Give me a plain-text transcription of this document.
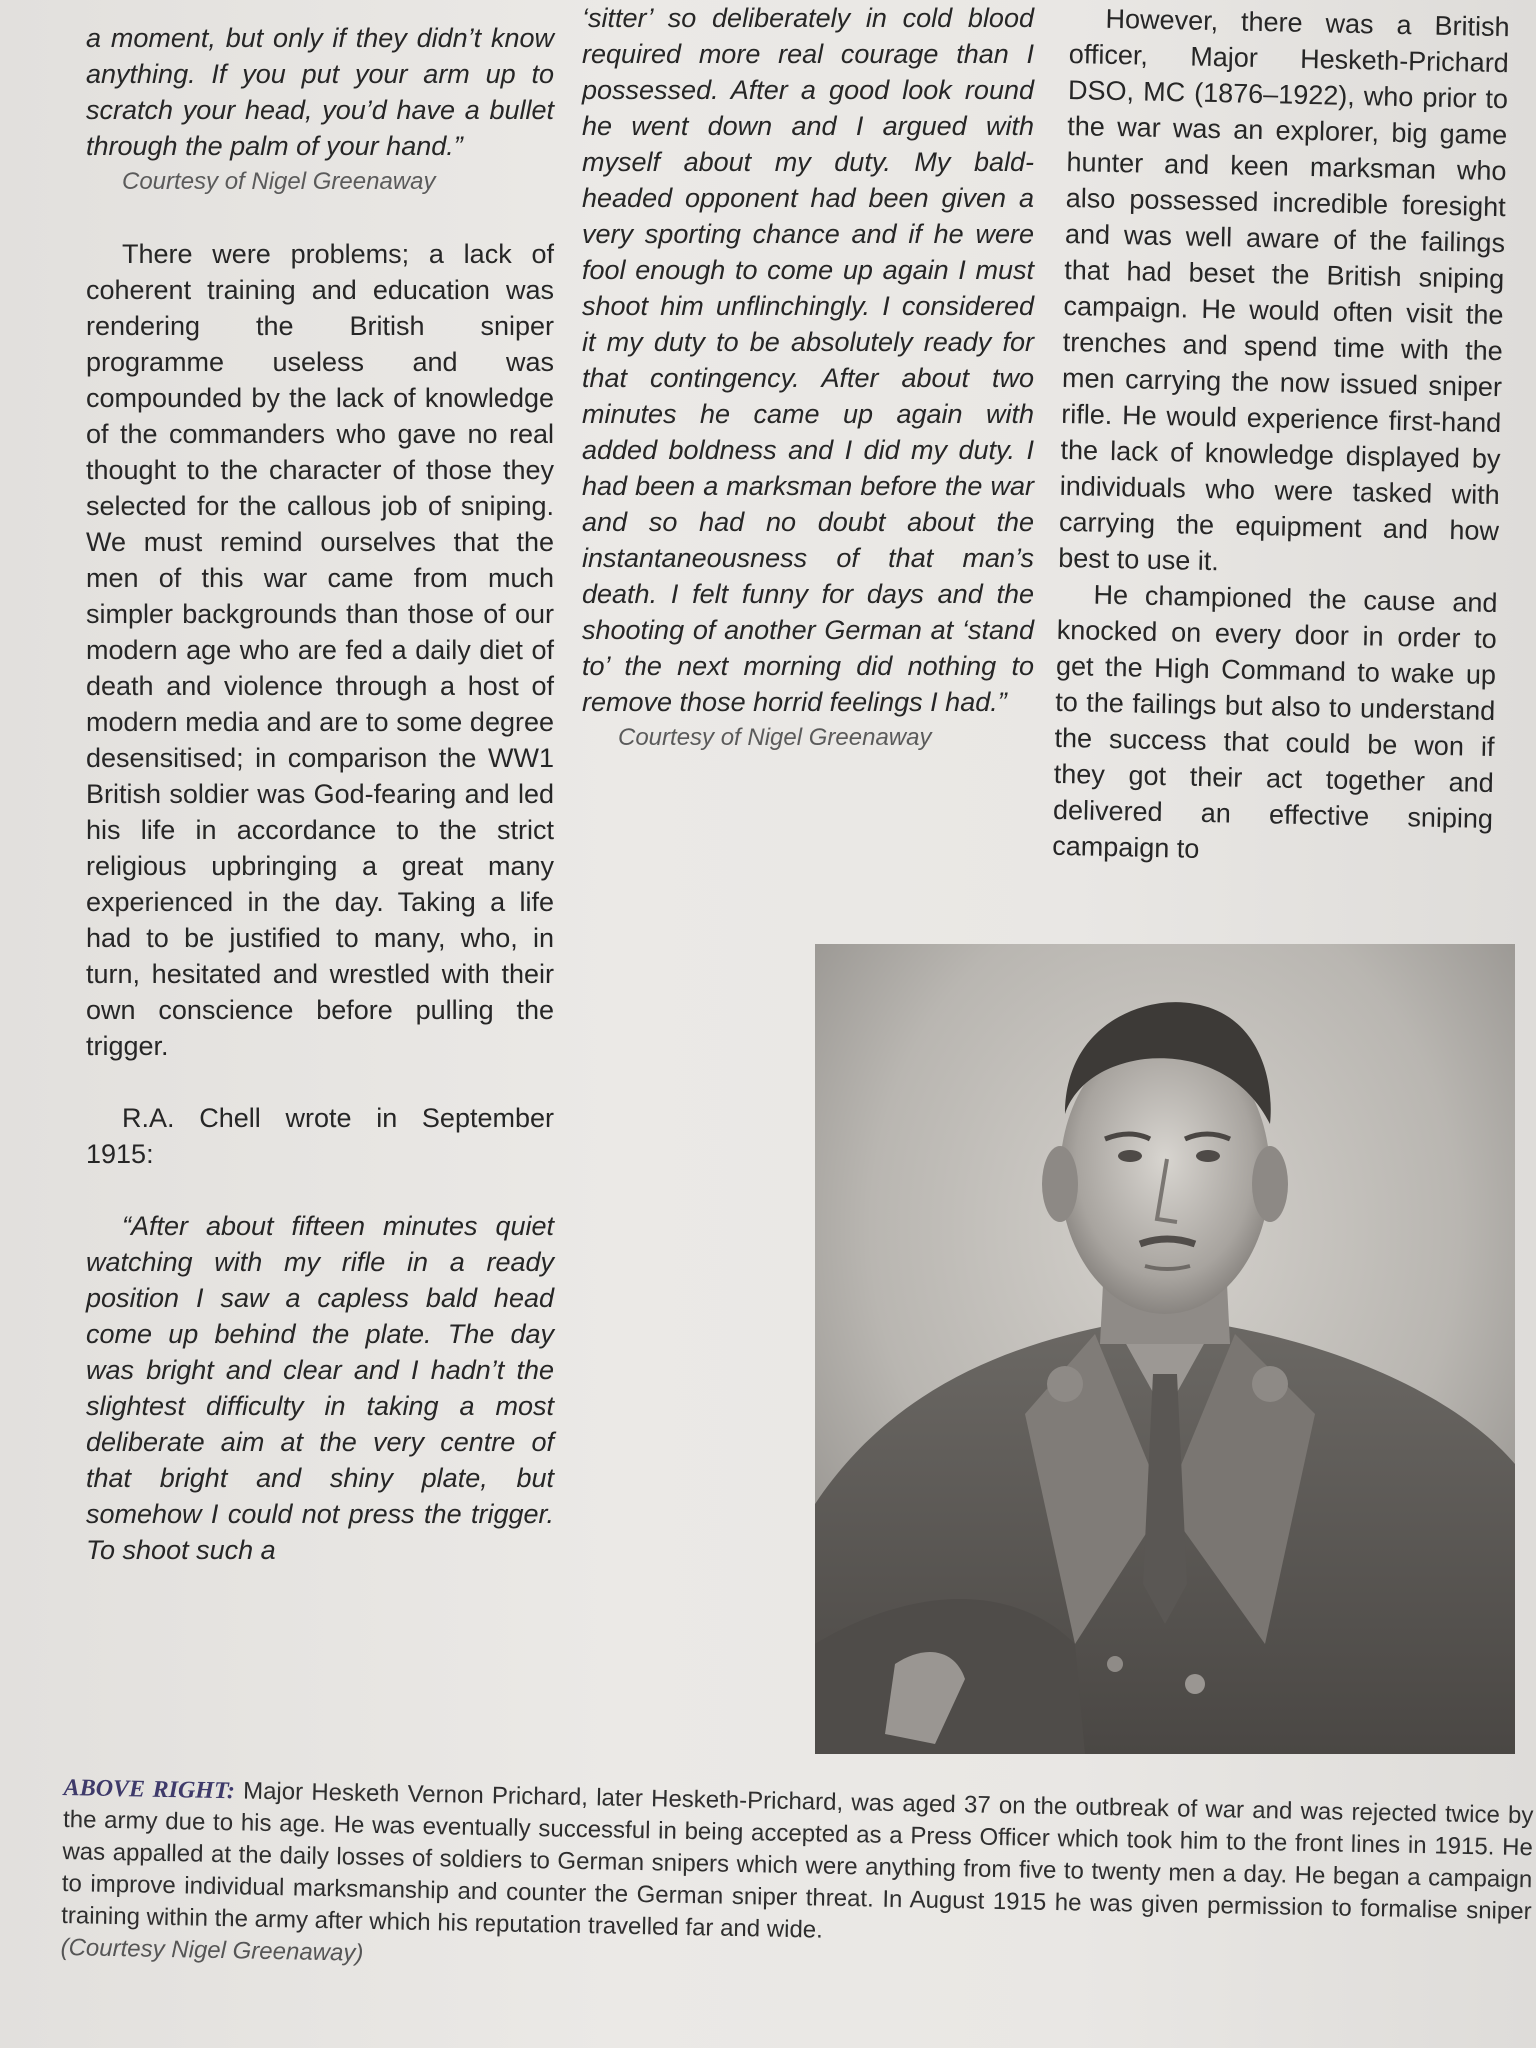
a moment, but only if they didn’t know anything. If you put your arm up to scratch your head, you’d have a bullet through the palm of your hand.”

Courtesy of Nigel Greenaway

There were problems; a lack of coherent training and education was rendering the British sniper programme useless and was compounded by the lack of knowledge of the commanders who gave no real thought to the character of those they selected for the callous job of sniping. We must remind ourselves that the men of this war came from much simpler backgrounds than those of our modern age who are fed a daily diet of death and violence through a host of modern media and are to some degree desensitised; in comparison the WW1 British soldier was God-fearing and led his life in accordance to the strict religious upbringing a great many experienced in the day. Taking a life had to be justified to many, who, in turn, hesitated and wrestled with their own conscience before pulling the trigger.

R.A. Chell wrote in September 1915:

“After about fifteen minutes quiet watching with my rifle in a ready position I saw a capless bald head come up behind the plate. The day was bright and clear and I hadn’t the slightest difficulty in taking a most deliberate aim at the very centre of that bright and shiny plate, but somehow I could not press the trigger. To shoot such a

‘sitter’ so deliberately in cold blood required more real courage than I possessed. After a good look round he went down and I argued with myself about my duty. My bald-headed opponent had been given a very sporting chance and if he were fool enough to come up again I must shoot him unflinchingly. I considered it my duty to be absolutely ready for that contingency. After about two minutes he came up again with added boldness and I did my duty. I had been a marksman before the war and so had no doubt about the instantaneousness of that man’s death. I felt funny for days and the shooting of another German at ‘stand to’ the next morning did nothing to remove those horrid feelings I had.”

Courtesy of Nigel Greenaway

However, there was a British officer, Major Hesketh-Prichard DSO, MC (1876–1922), who prior to the war was an explorer, big game hunter and keen marksman who also possessed incredible foresight and was well aware of the failings that had beset the British sniping campaign. He would often visit the trenches and spend time with the men carrying the now issued sniper rifle. He would experience first-hand the lack of knowledge displayed by individuals who were tasked with carrying the equipment and how best to use it.

He championed the cause and knocked on every door in order to get the High Command to wake up to the failings but also to understand the success that could be won if they got their act together and delivered an effective sniping campaign to

ABOVE RIGHT: Major Hesketh Vernon Prichard, later Hesketh-Prichard, was aged 37 on the outbreak of war and was rejected twice by the army due to his age. He was eventually successful in being accepted as a Press Officer which took him to the front lines in 1915. He was appalled at the daily losses of soldiers to German snipers which were anything from five to twenty men a day. He began a campaign to improve individual marksmanship and counter the German sniper threat. In August 1915 he was given permission to formalise sniper training within the army after which his reputation travelled far and wide.
(Courtesy Nigel Greenaway)
